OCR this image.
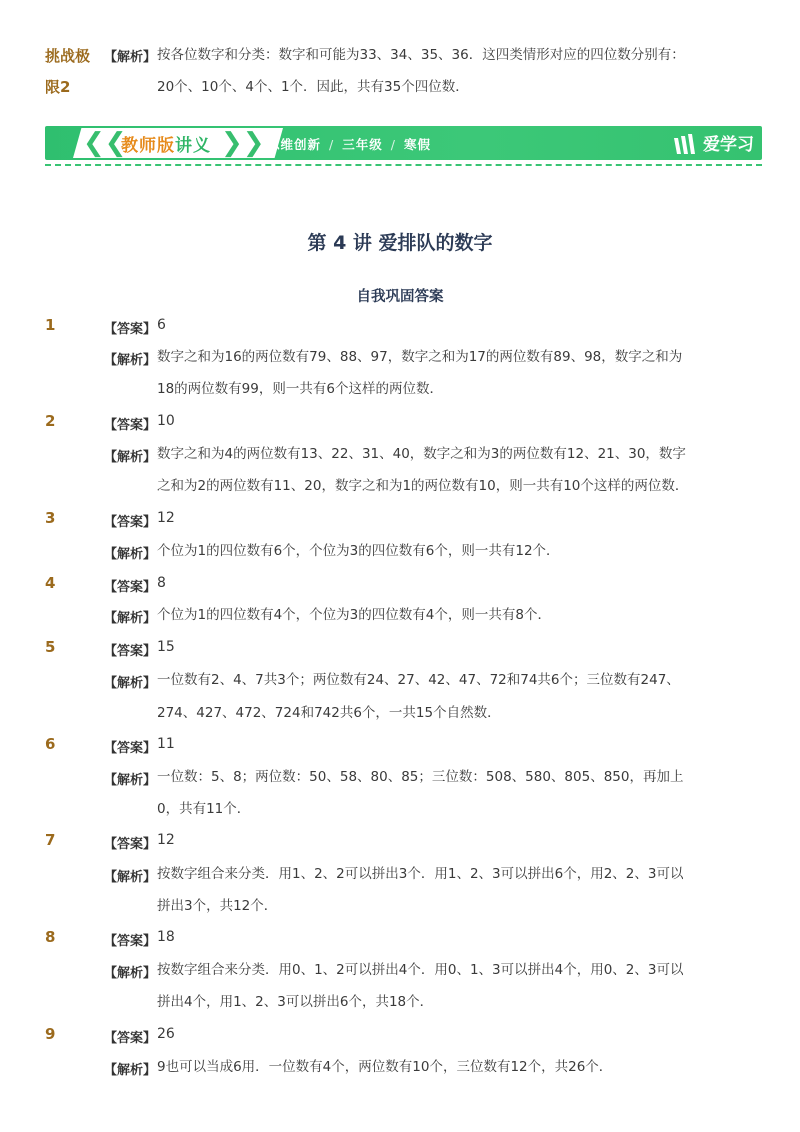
挑战极
限2
【解析】 按各位数字和分类：数字和可能为33、34、35、36．这四类情形对应的四位数分别有：
20个、10个、4个、1个．因此，共有35个四位数．
❮❮
教师版讲义 ❯❯ 思维创新 / 三年级 / 寒假	爱学习
第 4 讲 爱排队的数字
自我巩固答案
1	【答案】 6
【解析】 数字之和为16的两位数有79、88、97，数字之和为17的两位数有89、98，数字之和为
18的两位数有99，则一共有6个这样的两位数．
2	【答案】 10
【解析】 数字之和为4的两位数有13、22、31、40，数字之和为3的两位数有12、21、30，数字
之和为2的两位数有11、20，数字之和为1的两位数有10，则一共有10个这样的两位数．
3	【答案】 12
【解析】 个位为1的四位数有6个，个位为3的四位数有6个，则一共有12个．
4	【答案】 8
【解析】 个位为1的四位数有4个，个位为3的四位数有4个，则一共有8个．
5	【答案】 15
【解析】 一位数有2、4、7共3个；两位数有24、27、42、47、72和74共6个；三位数有247、
274、427、472、724和742共6个，一共15个自然数．
6	【答案】 11
【解析】 一位数：5、8；两位数：50、58、80、85；三位数：508、580、805、850，再加上
0，共有11个．
7	【答案】 12
【解析】 按数字组合来分类．用1、2、2可以拼出3个．用1、2、3可以拼出6个，用2、2、3可以
拼出3个，共12个．
8	【答案】 18
【解析】 按数字组合来分类．用0、1、2可以拼出4个．用0、1、3可以拼出4个，用0、2、3可以
拼出4个，用1、2、3可以拼出6个，共18个．
9	【答案】 26
【解析】 9也可以当成6用．一位数有4个，两位数有10个，三位数有12个，共26个．
